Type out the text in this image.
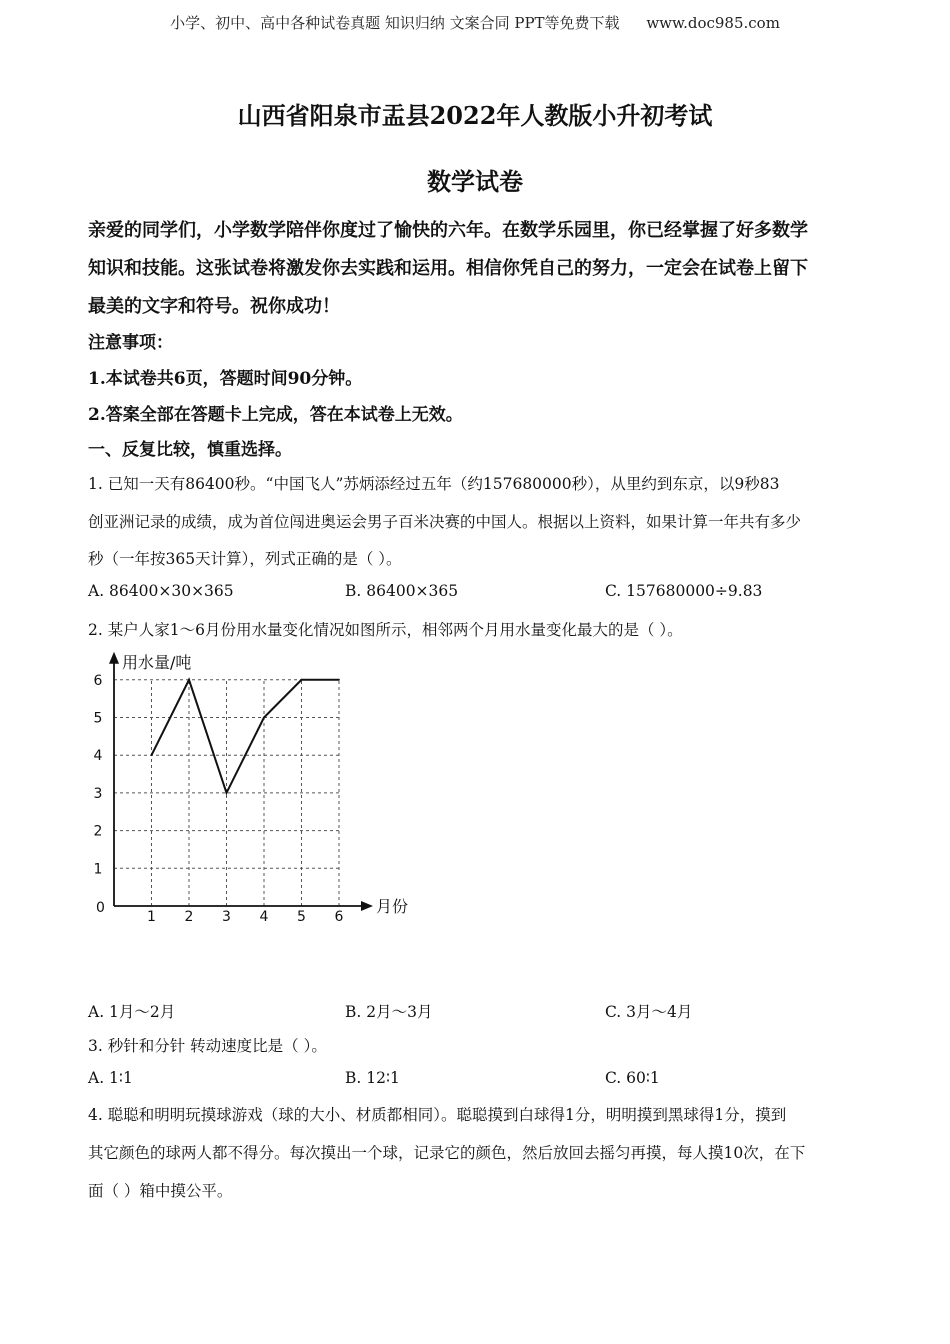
小学、初中、高中各种试卷真题 知识归纳 文案合同 PPT等免费下载 www.doc985.com
山西省阳泉市盂县2022年人教版小升初考试
数学试卷
亲爱的同学们，小学数学陪伴你度过了愉快的六年。在数学乐园里，你已经掌握了好多数学
知识和技能。这张试卷将激发你去实践和运用。相信你凭自己的努力，一定会在试卷上留下
最美的文字和符号。祝你成功！
注意事项：
1.本试卷共6页，答题时间90分钟。
2.答案全部在答题卡上完成，答在本试卷上无效。
一、反复比较，慎重选择。
1. 已知一天有86400秒。“中国飞人”苏炳添经过五年（约157680000秒），从里约到东京，以9秒83
创亚洲记录的成绩，成为首位闯进奥运会男子百米决赛的中国人。根据以上资料，如果计算一年共有多少
秒（一年按365天计算），列式正确的是（ ）。
A. 86400×30×365	B. 86400×365	C. 157680000÷9.83
2. 某户人家1～6月份用水量变化情况如图所示，相邻两个月用水量变化最大的是（ ）。
1 2 3 4 5 6
1
2
3
4
5
6
用水量/吨
月份
0
A. 1月～2月	B. 2月～3月	C. 3月～4月
3. 秒针和分针 转动速度比是（ ）。
A. 1∶1	B. 12∶1	C. 60∶1
4. 聪聪和明明玩摸球游戏（球的大小、材质都相同）。聪聪摸到白球得1分，明明摸到黑球得1分，摸到
其它颜色的球两人都不得分。每次摸出一个球，记录它的颜色，然后放回去摇匀再摸，每人摸10次，在下
面（ ）箱中摸公平。
